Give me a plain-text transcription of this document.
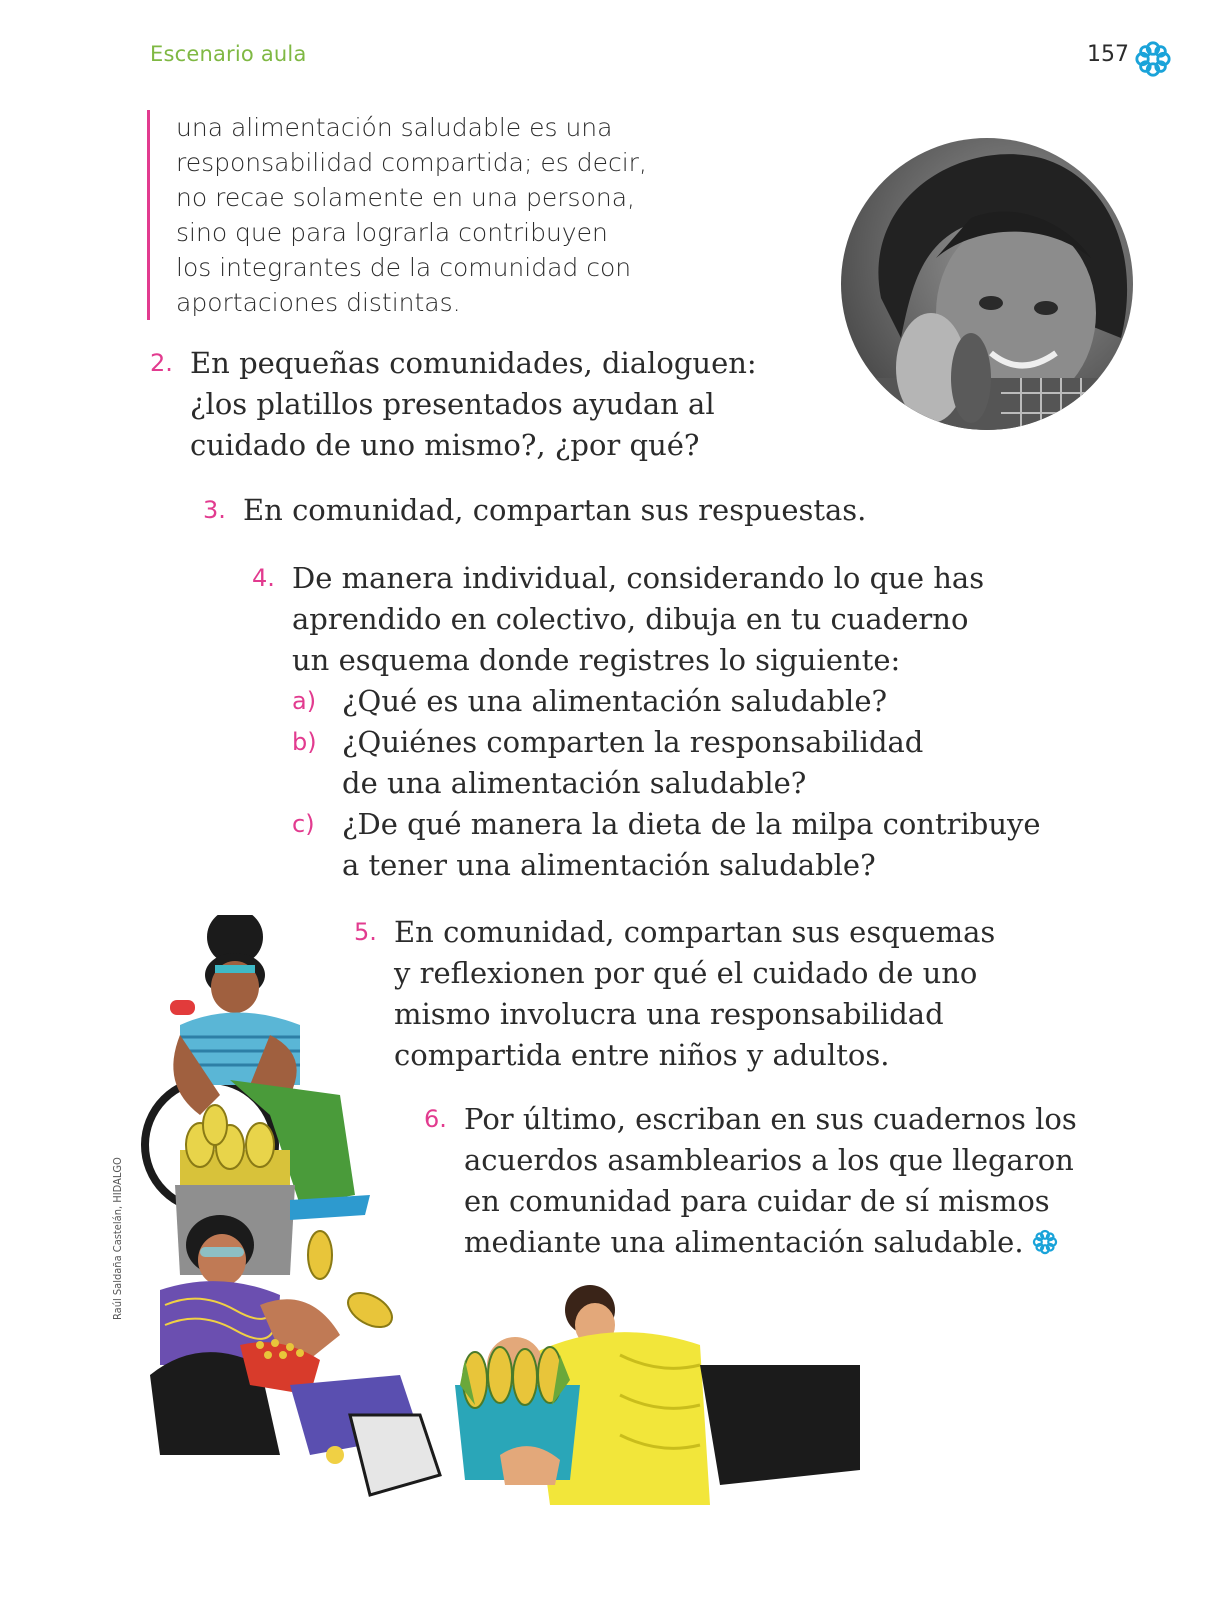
Escenario aula	157
una alimentación saludable es una
responsabilidad compartida; es decir,
no recae solamente en una persona,
sino que para lograrla contribuyen
los integrantes de la comunidad con
aportaciones distintas.
2. En pequeñas comunidades, dialoguen:
¿los platillos presentados ayudan al
cuidado de uno mismo?, ¿por qué?
3. En comunidad, compartan sus respuestas.
4. De manera individual, considerando lo que has
aprendido en colectivo, dibuja en tu cuaderno
un esquema donde registres lo siguiente:
a) ¿Qué es una alimentación saludable?
b) ¿Quiénes comparten la responsabilidad
de una alimentación saludable?
c) ¿De qué manera la dieta de la milpa contribuye
a tener una alimentación saludable?
5. En comunidad, compartan sus esquemas
y reflexionen por qué el cuidado de uno
mismo involucra una responsabilidad
compartida entre niños y adultos.
6. Por último, escriban en sus cuadernos los
acuerdos asamblearios a los que llegaron
en comunidad para cuidar de sí mismos
mediante una alimentación saludable.
Raúl Saldaña Castelán, HIDALGO
